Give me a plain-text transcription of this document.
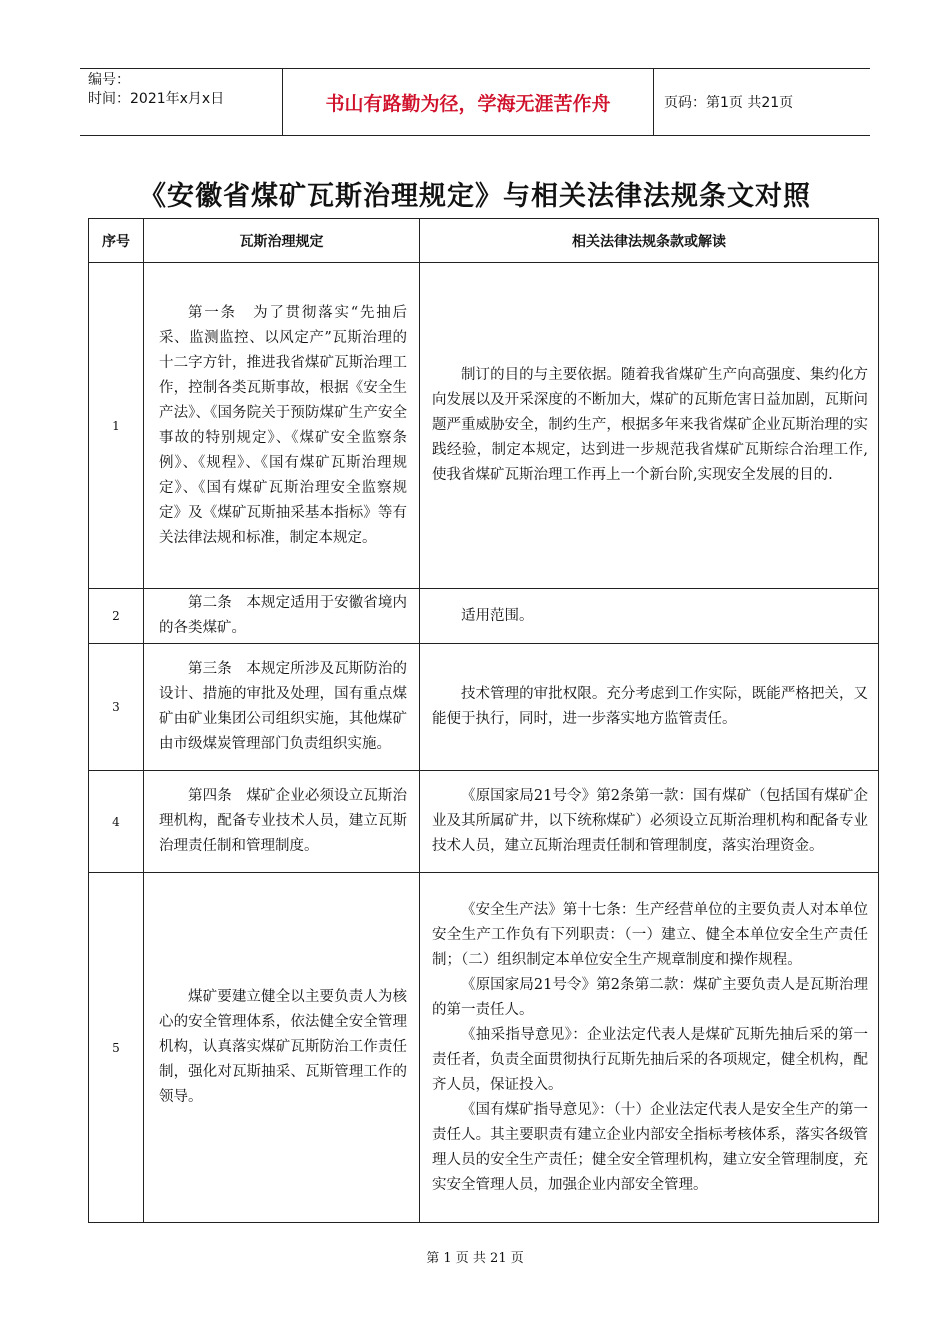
编号：
时间：2021年x月x日	书山有路勤为径，学海无涯苦作舟	页码：第1页 共21页
《安徽省煤矿瓦斯治理规定》与相关法律法规条文对照
序号	瓦斯治理规定	相关法律法规条款或解读
1	第一条　为了贯彻落实“先抽后采、监测监控、以风定产”瓦斯治理的十二字方针，推进我省煤矿瓦斯治理工作，控制各类瓦斯事故，根据《安全生产法》、《国务院关于预防煤矿生产安全事故的特别规定》、《煤矿安全监察条例》、《规程》、《国有煤矿瓦斯治理规定》、《国有煤矿瓦斯治理安全监察规定》及《煤矿瓦斯抽采基本指标》等有关法律法规和标准，制定本规定。	制订的目的与主要依据。随着我省煤矿生产向高强度、集约化方向发展以及开采深度的不断加大，煤矿的瓦斯危害日益加剧，瓦斯问题严重威胁安全，制约生产，根据多年来我省煤矿企业瓦斯治理的实践经验，制定本规定，达到进一步规范我省煤矿瓦斯综合治理工作,使我省煤矿瓦斯治理工作再上一个新台阶,实现安全发展的目的.

2	第二条　本规定适用于安徽省境内的各类煤矿。	适用范围。

3	第三条　本规定所涉及瓦斯防治的设计、措施的审批及处理，国有重点煤矿由矿业集团公司组织实施，其他煤矿由市级煤炭管理部门负责组织实施。	技术管理的审批权限。充分考虑到工作实际，既能严格把关，又能便于执行，同时，进一步落实地方监管责任。

4	第四条　煤矿企业必须设立瓦斯治理机构，配备专业技术人员，建立瓦斯治理责任制和管理制度。	《原国家局21号令》第2条第一款：国有煤矿（包括国有煤矿企业及其所属矿井，以下统称煤矿）必须设立瓦斯治理机构和配备专业技术人员，建立瓦斯治理责任制和管理制度，落实治理资金。

5	煤矿要建立健全以主要负责人为核心的安全管理体系，依法健全安全管理机构，认真落实煤矿瓦斯防治工作责任制，强化对瓦斯抽采、瓦斯管理工作的领导。	《安全生产法》第十七条：生产经营单位的主要负责人对本单位安全生产工作负有下列职责：（一）建立、健全本单位安全生产责任制；（二）组织制定本单位安全生产规章制度和操作规程。

《原国家局21号令》第2条第二款：煤矿主要负责人是瓦斯治理的第一责任人。

《抽采指导意见》：企业法定代表人是煤矿瓦斯先抽后采的第一责任者，负责全面贯彻执行瓦斯先抽后采的各项规定，健全机构，配齐人员，保证投入。

《国有煤矿指导意见》：（十）企业法定代表人是安全生产的第一责任人。其主要职责有建立企业内部安全指标考核体系，落实各级管理人员的安全生产责任；健全安全管理机构，建立安全管理制度，充实安全管理人员，加强企业内部安全管理。

第 1 页 共 21 页
